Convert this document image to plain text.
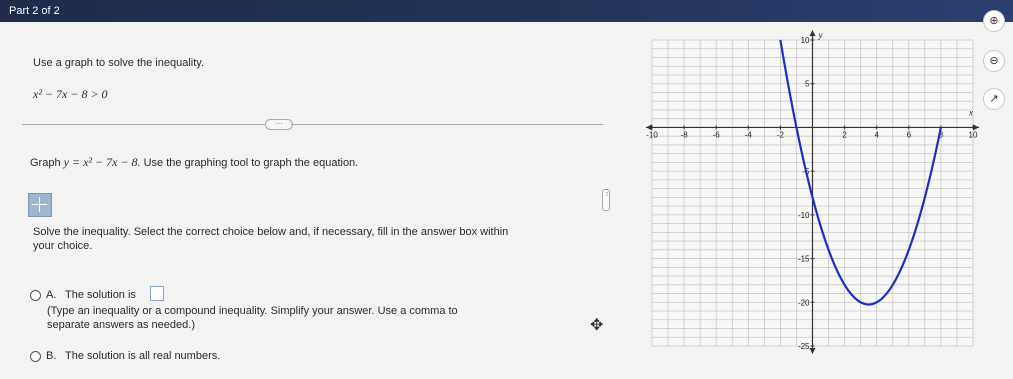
Part 2 of 2
Use a graph to solve the inequality.
x² − 7x − 8 > 0
···
Graph y = x² − 7x − 8. Use the graphing tool to graph the equation.
⋮
Solve the inequality. Select the correct choice below and, if necessary, fill in the answer box within
your choice.
A. The solution is
(Type an inequality or a compound inequality. Simplify your answer. Use a comma to
separate answers as needed.)
B. The solution is all real numbers.
✥
x
y
-10	-8	-6	-4	-2	2	4	6	8	10
10
5
-5
-10
-15
-20
-25
⊕
⊖
↗
